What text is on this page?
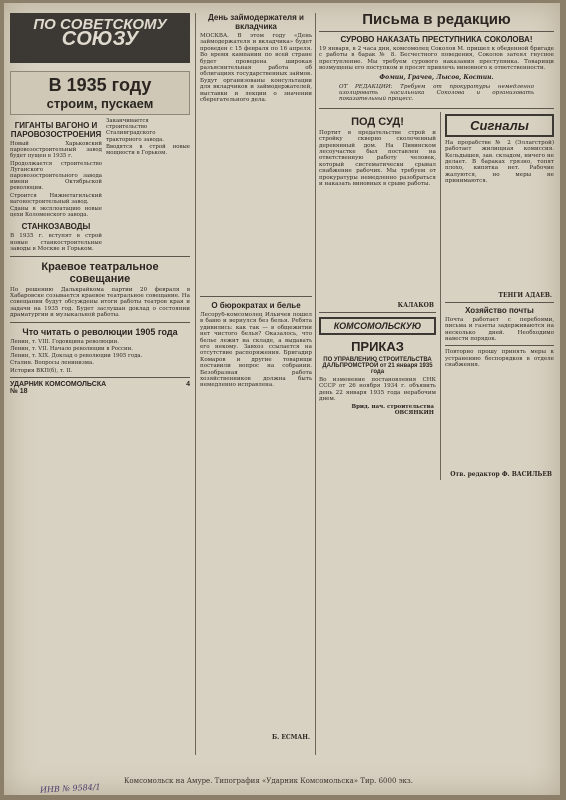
ПО СОВЕТСКОМУ
СОЮЗУ
В 1935 году
строим, пускаем
ГИГАНТЫ ВАГОНО И ПАРОВОЗОСТРОЕНИЯ
Новый Харьковский паровозостроительный завод будет пущен в 1935 г.
Продолжается строительство Луганского паровозостроительного завода имени Октябрьской революции.
Строится Нижнетагильский вагоностроительный завод.
Сданы в эксплоатацию новые цехи Коломенского завода.
СТАНКОЗАВОДЫ
В 1935 г. вступят в строй новые станкостроительные заводы в Москве и Горьком.
Заканчивается строительство Сталинградского тракторного завода.
Вводятся в строй новые мощности в Горьком.
Краевое театральное совещание
По решению Далькрайкома партии 20 февраля в Хабаровске созывается краевое театральное совещание. На совещании будут обсуждены итоги работы театров края и задачи на 1935 год. Будет заслушан доклад о состоянии драматургии и музыкальной работы.
Что читать о революции 1905 года
Ленин, т. VIII. Годовщина революции.
Ленин, т. VII. Начало революции в России.
Ленин, т. XIX. Доклад о революции 1905 года.
Сталин. Вопросы ленинизма.
История ВКП(б), т. II.
УДАРНИК КОМСОМОЛЬСКА	4
№ 18
День займодержателя и вкладчика
МОСКВА. В этом году «День займодержателя и вкладчика» будет проведен с 15 февраля по 16 апреля. Во время кампании по всей стране будет проведена широкая разъяснительная работа об облигациях государственных займов. Будут организованы консультации для вкладчиков и займодержателей, выставки и лекции о значении сберегательного дела.
О бюрократах и белье
Лесоруб-комсомолец Ильичев пошел в баню и вернулся без белья. Ребята удивились: как так — в общежитии нет чистого белья? Оказалось, что белье лежит на складе, а выдавать его некому. Завхоз ссылается на отсутствие распоряжения. Бригадир Комаров и другие товарищи поставили вопрос на собрании. Безобразная работа хозяйственников должна быть немедленно исправлена.
Б. ЕСМАН.
Письма в редакцию
СУРОВО НАКАЗАТЬ ПРЕСТУПНИКА СОКОЛОВА!
19 января, в 2 часа дни, комсомолец Соколов М. пришел к обеденной бригаде с работы в барак № 8. Бесчестного поведения, Соколов затеял гнусное преступление. Мы требуем сурового наказания преступника. Товарищи возмущены его поступком и просят привлечь виновного к ответственности.
Фомин, Грачев, Лысов, Костин.
ОТ РЕДАКЦИИ: Требуем от прокуратуры немедленно изолировать насильника Соколова и организовать показательный процесс.
ПОД СУД!
Портит в предательстве строй и стройку скверно сколоченный деревянный дом. На Пивинском лесоучастке был поставлен на ответственную работу человек, который систематически срывал снабжение рабочих. Мы требуем от прокуратуры немедленно разобраться и наказать виновных в срыве работы.
КАЛАКОВ
КОМСОМОЛЬСКУЮ
ПРИКАЗ
ПО УПРАВЛЕНИЮ СТРОИТЕЛЬСТВА ДАЛЬПРОМСТРОЙ от 21 января 1935 года
Во изменение постановления СНК СССР от 26 ноября 1934 г. объявить день 22 января 1935 года нерабочим днем.
Врид. нач. строительства ОВСЯНКИН
Сигналы
На прорабстве № 2 (Эллагстрой) работает жилищная комиссия. Кельдышев, зав. складом, ничего не делает. В бараках грязно, топят плохо, кипятка нет. Рабочие жалуются, но меры не принимаются.
ТЕНГИ АДАЕВ.
Хозяйство почты
Почта работает с перебоями, письма и газеты задерживаются на несколько дней. Необходимо навести порядок.
Повторно прошу принять меры к устранению беспорядков в отделе снабжения.
Отв. редактор Ф. ВАСИЛЬЕВ
Комсомольск на Амуре. Типография «Ударник Комсомольска» Тир. 6000 экз.
ИНВ № 9584/1
